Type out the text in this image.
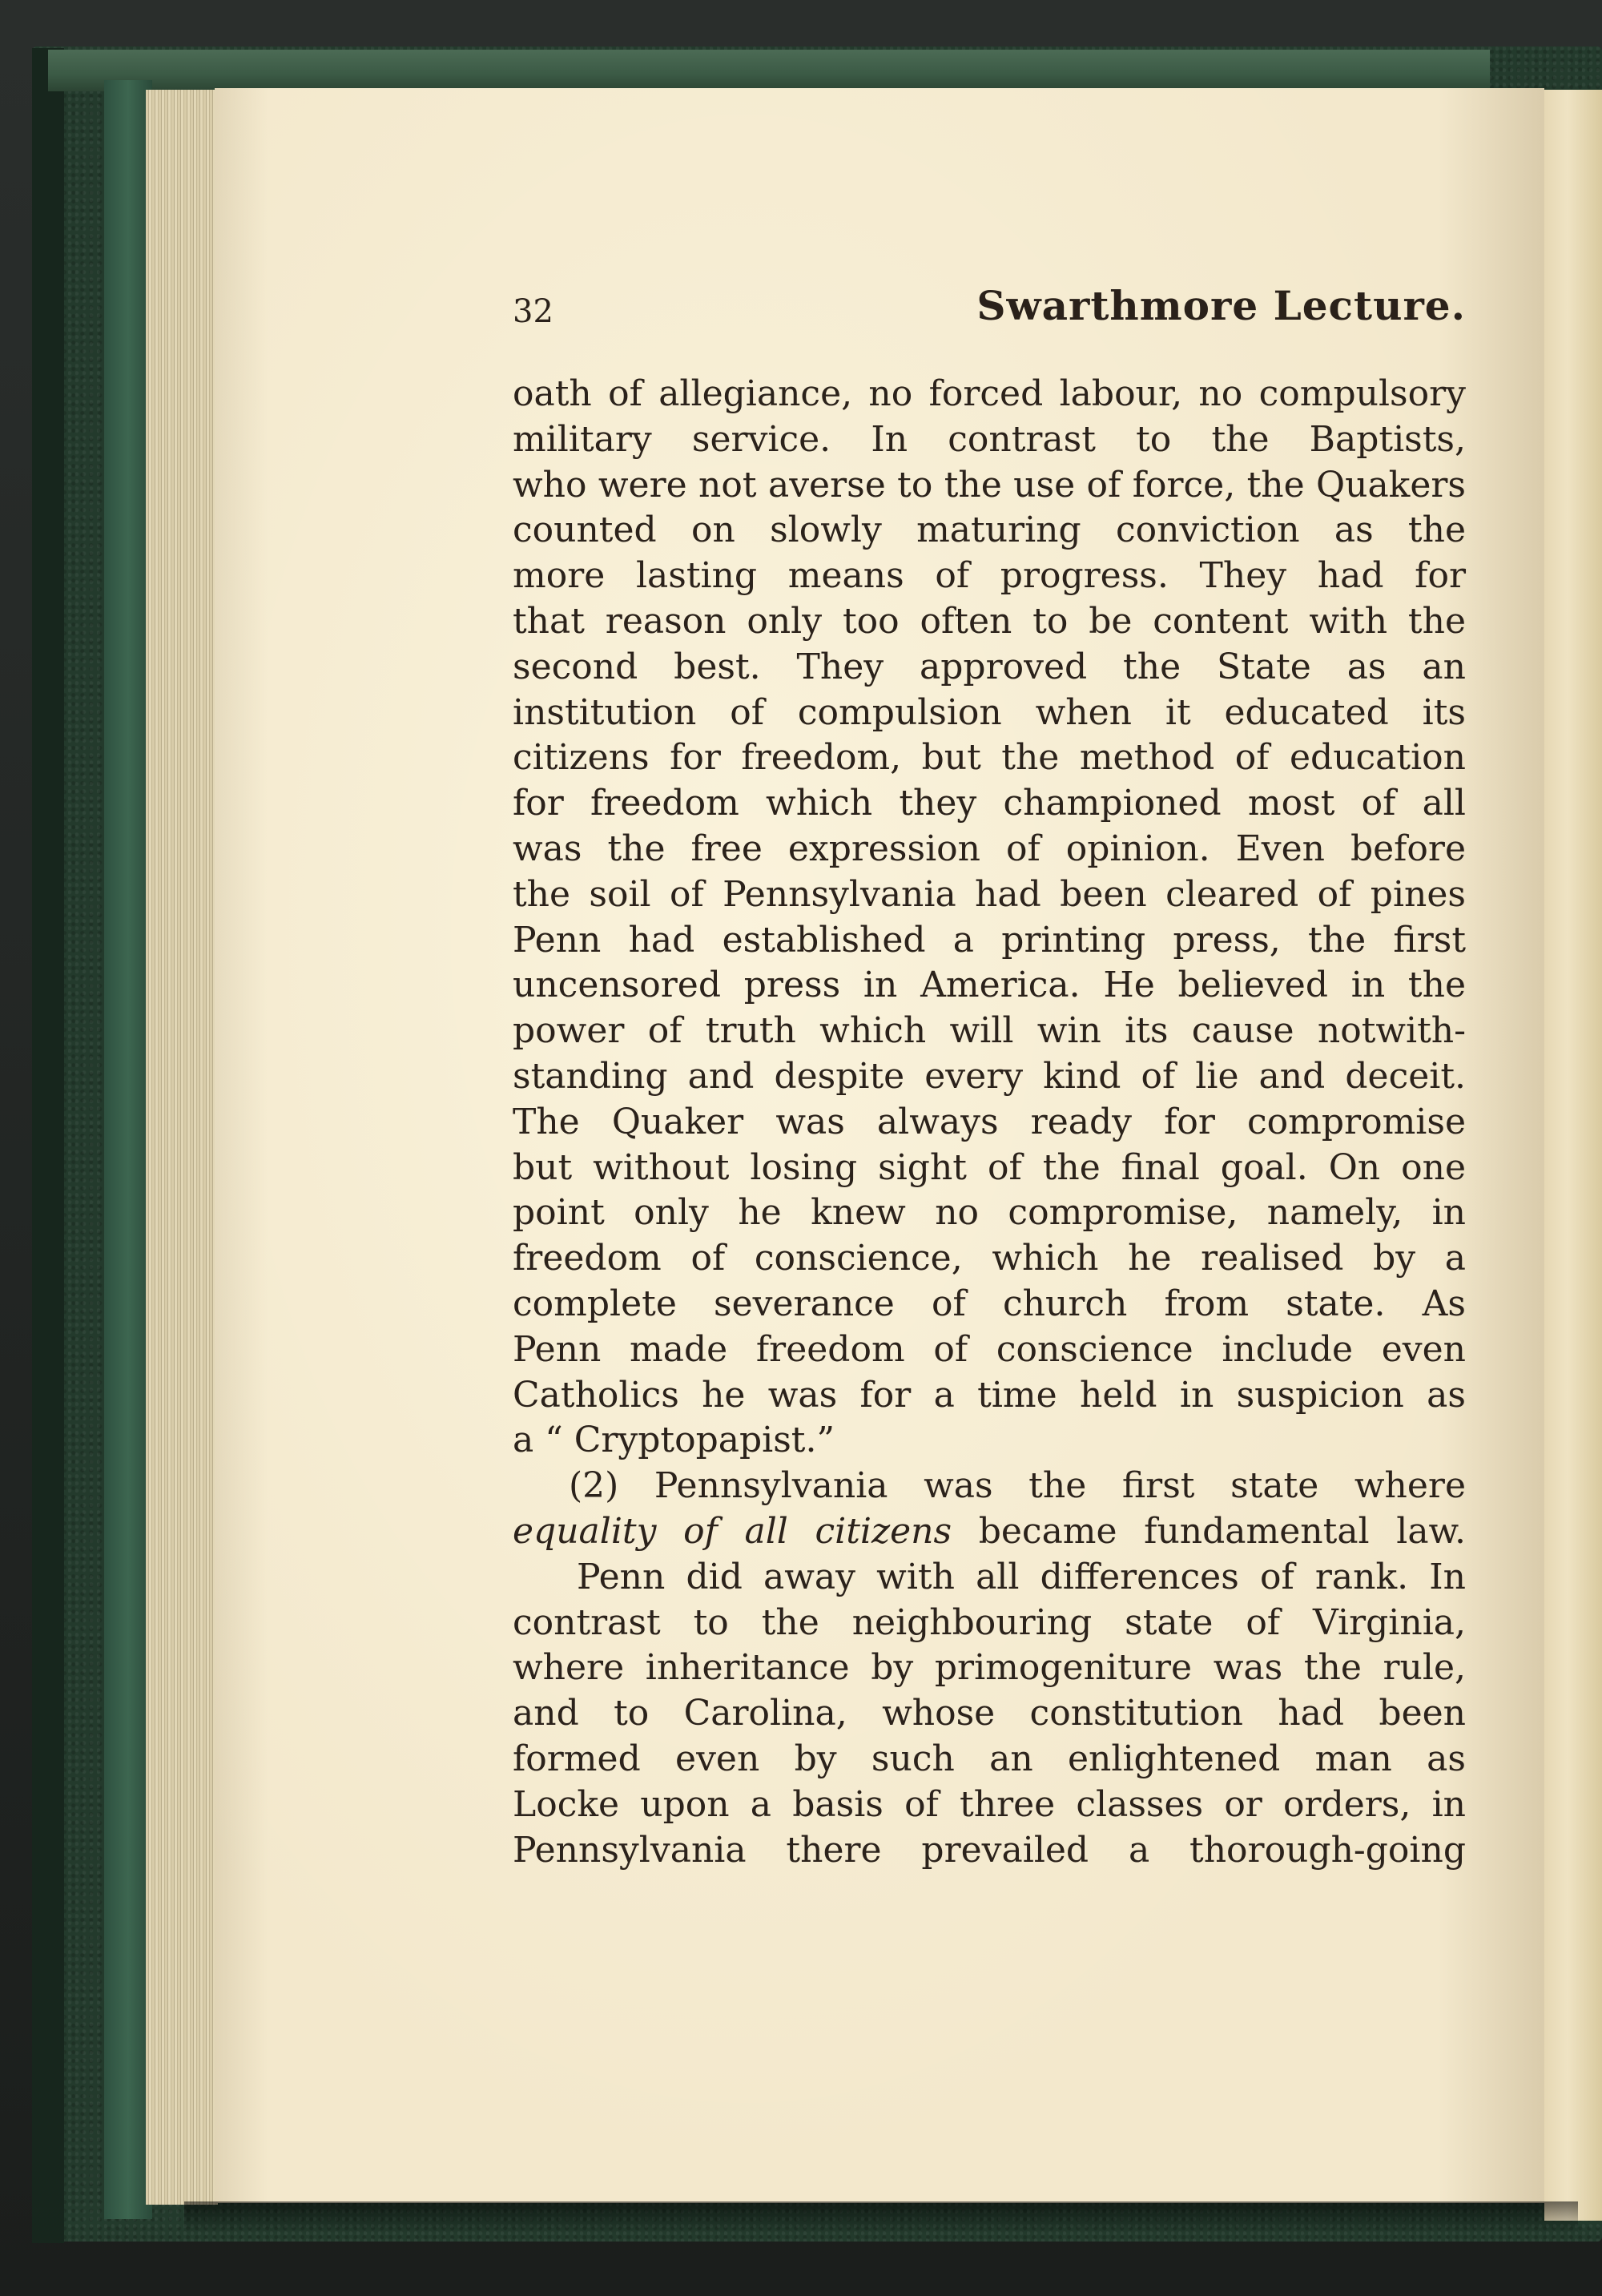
32	Swarthmore Lecture.
oath of allegiance, no forced labour, no compulsory
military service. In contrast to the Baptists,
who were not averse to the use of force, the Quakers
counted on slowly maturing conviction as the
more lasting means of progress. They had for
that reason only too often to be content with the
second best. They approved the State as an
institution of compulsion when it educated its
citizens for freedom, but the method of education
for freedom which they championed most of all
was the free expression of opinion. Even before
the soil of Pennsylvania had been cleared of pines
Penn had established a printing press, the first
uncensored press in America. He believed in the
power of truth which will win its cause notwith-
standing and despite every kind of lie and deceit.
The Quaker was always ready for compromise
but without losing sight of the final goal. On one
point only he knew no compromise, namely, in
freedom of conscience, which he realised by a
complete severance of church from state. As
Penn made freedom of conscience include even
Catholics he was for a time held in suspicion as
a “ Cryptopapist.”
(2) Pennsylvania was the first state where
equality of all citizens became fundamental law.
Penn did away with all differences of rank. In
contrast to the neighbouring state of Virginia,
where inheritance by primogeniture was the rule,
and to Carolina, whose constitution had been
formed even by such an enlightened man as
Locke upon a basis of three classes or orders, in
Pennsylvania there prevailed a thorough-going
